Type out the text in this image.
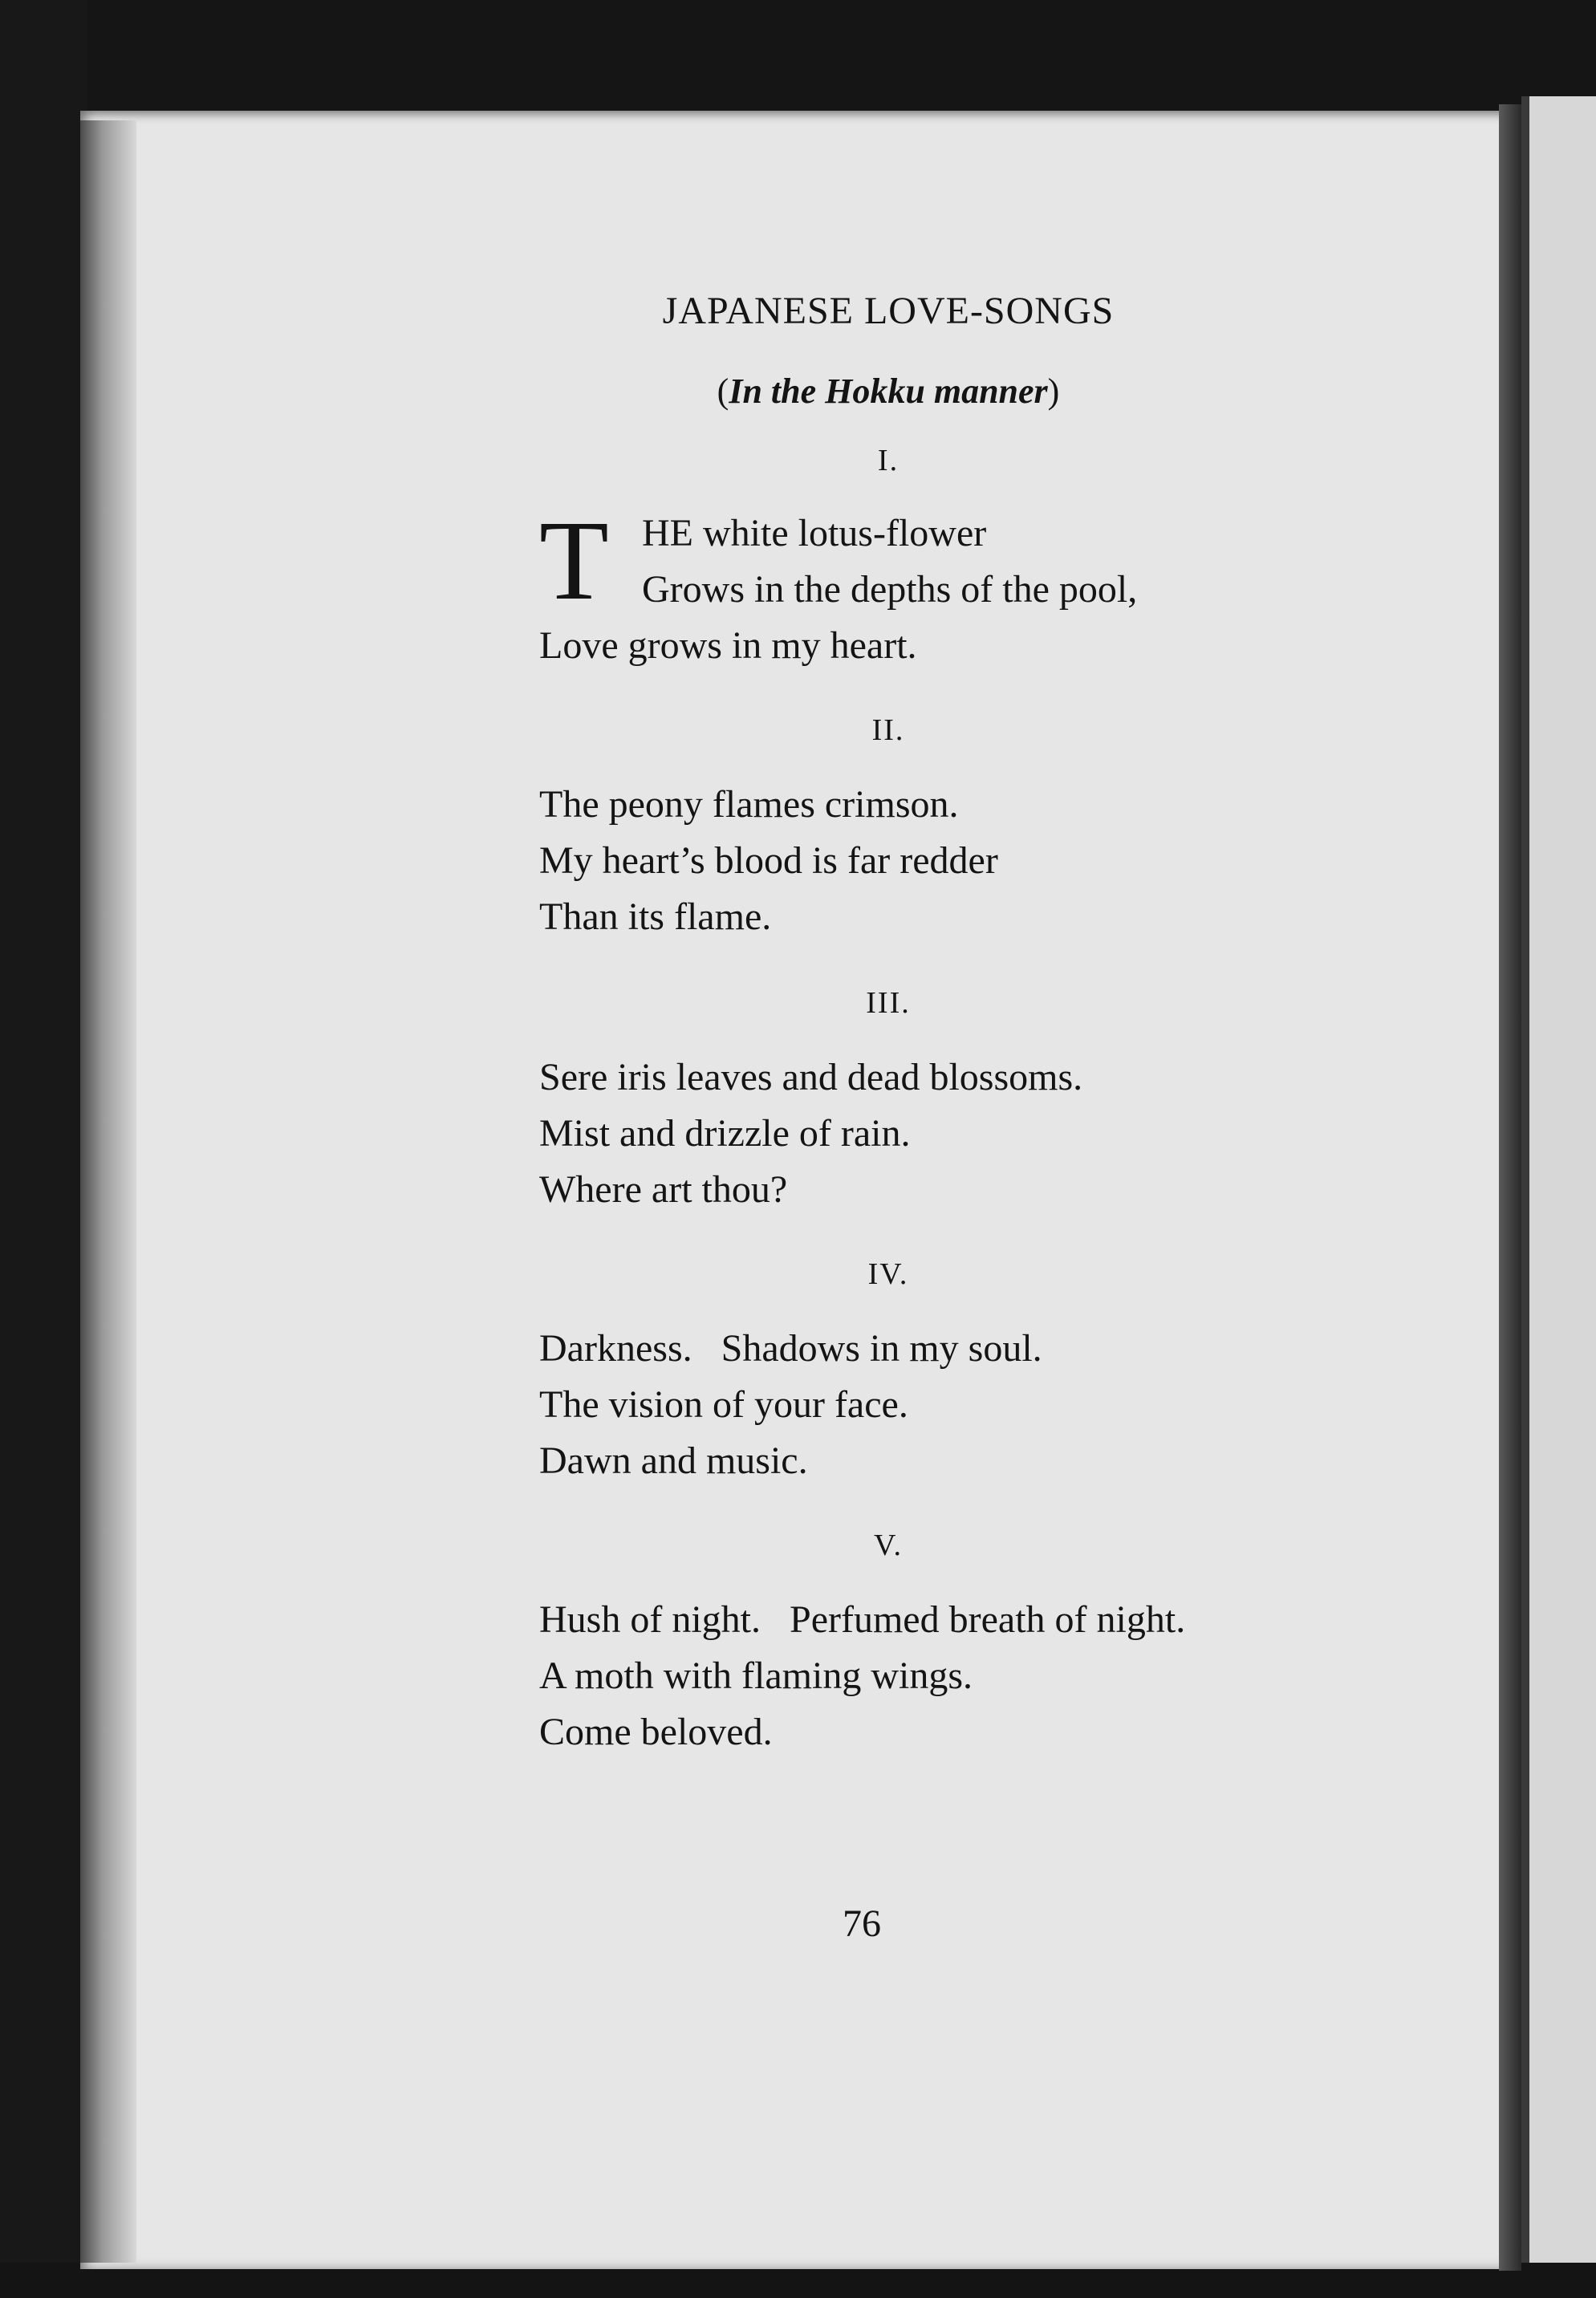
JAPANESE LOVE-SONGS
(In the Hokku manner)
I.
T HE white lotus-flower
Grows in the depths of the pool,
Love grows in my heart.
II.
The peony flames crimson.
My heart’s blood is far redder
Than its flame.
III.
Sere iris leaves and dead blossoms.
Mist and drizzle of rain.
Where art thou?
IV.
Darkness.   Shadows in my soul.
The vision of your face.
Dawn and music.
V.
Hush of night.   Perfumed breath of night.
A moth with flaming wings.
Come beloved.
76
